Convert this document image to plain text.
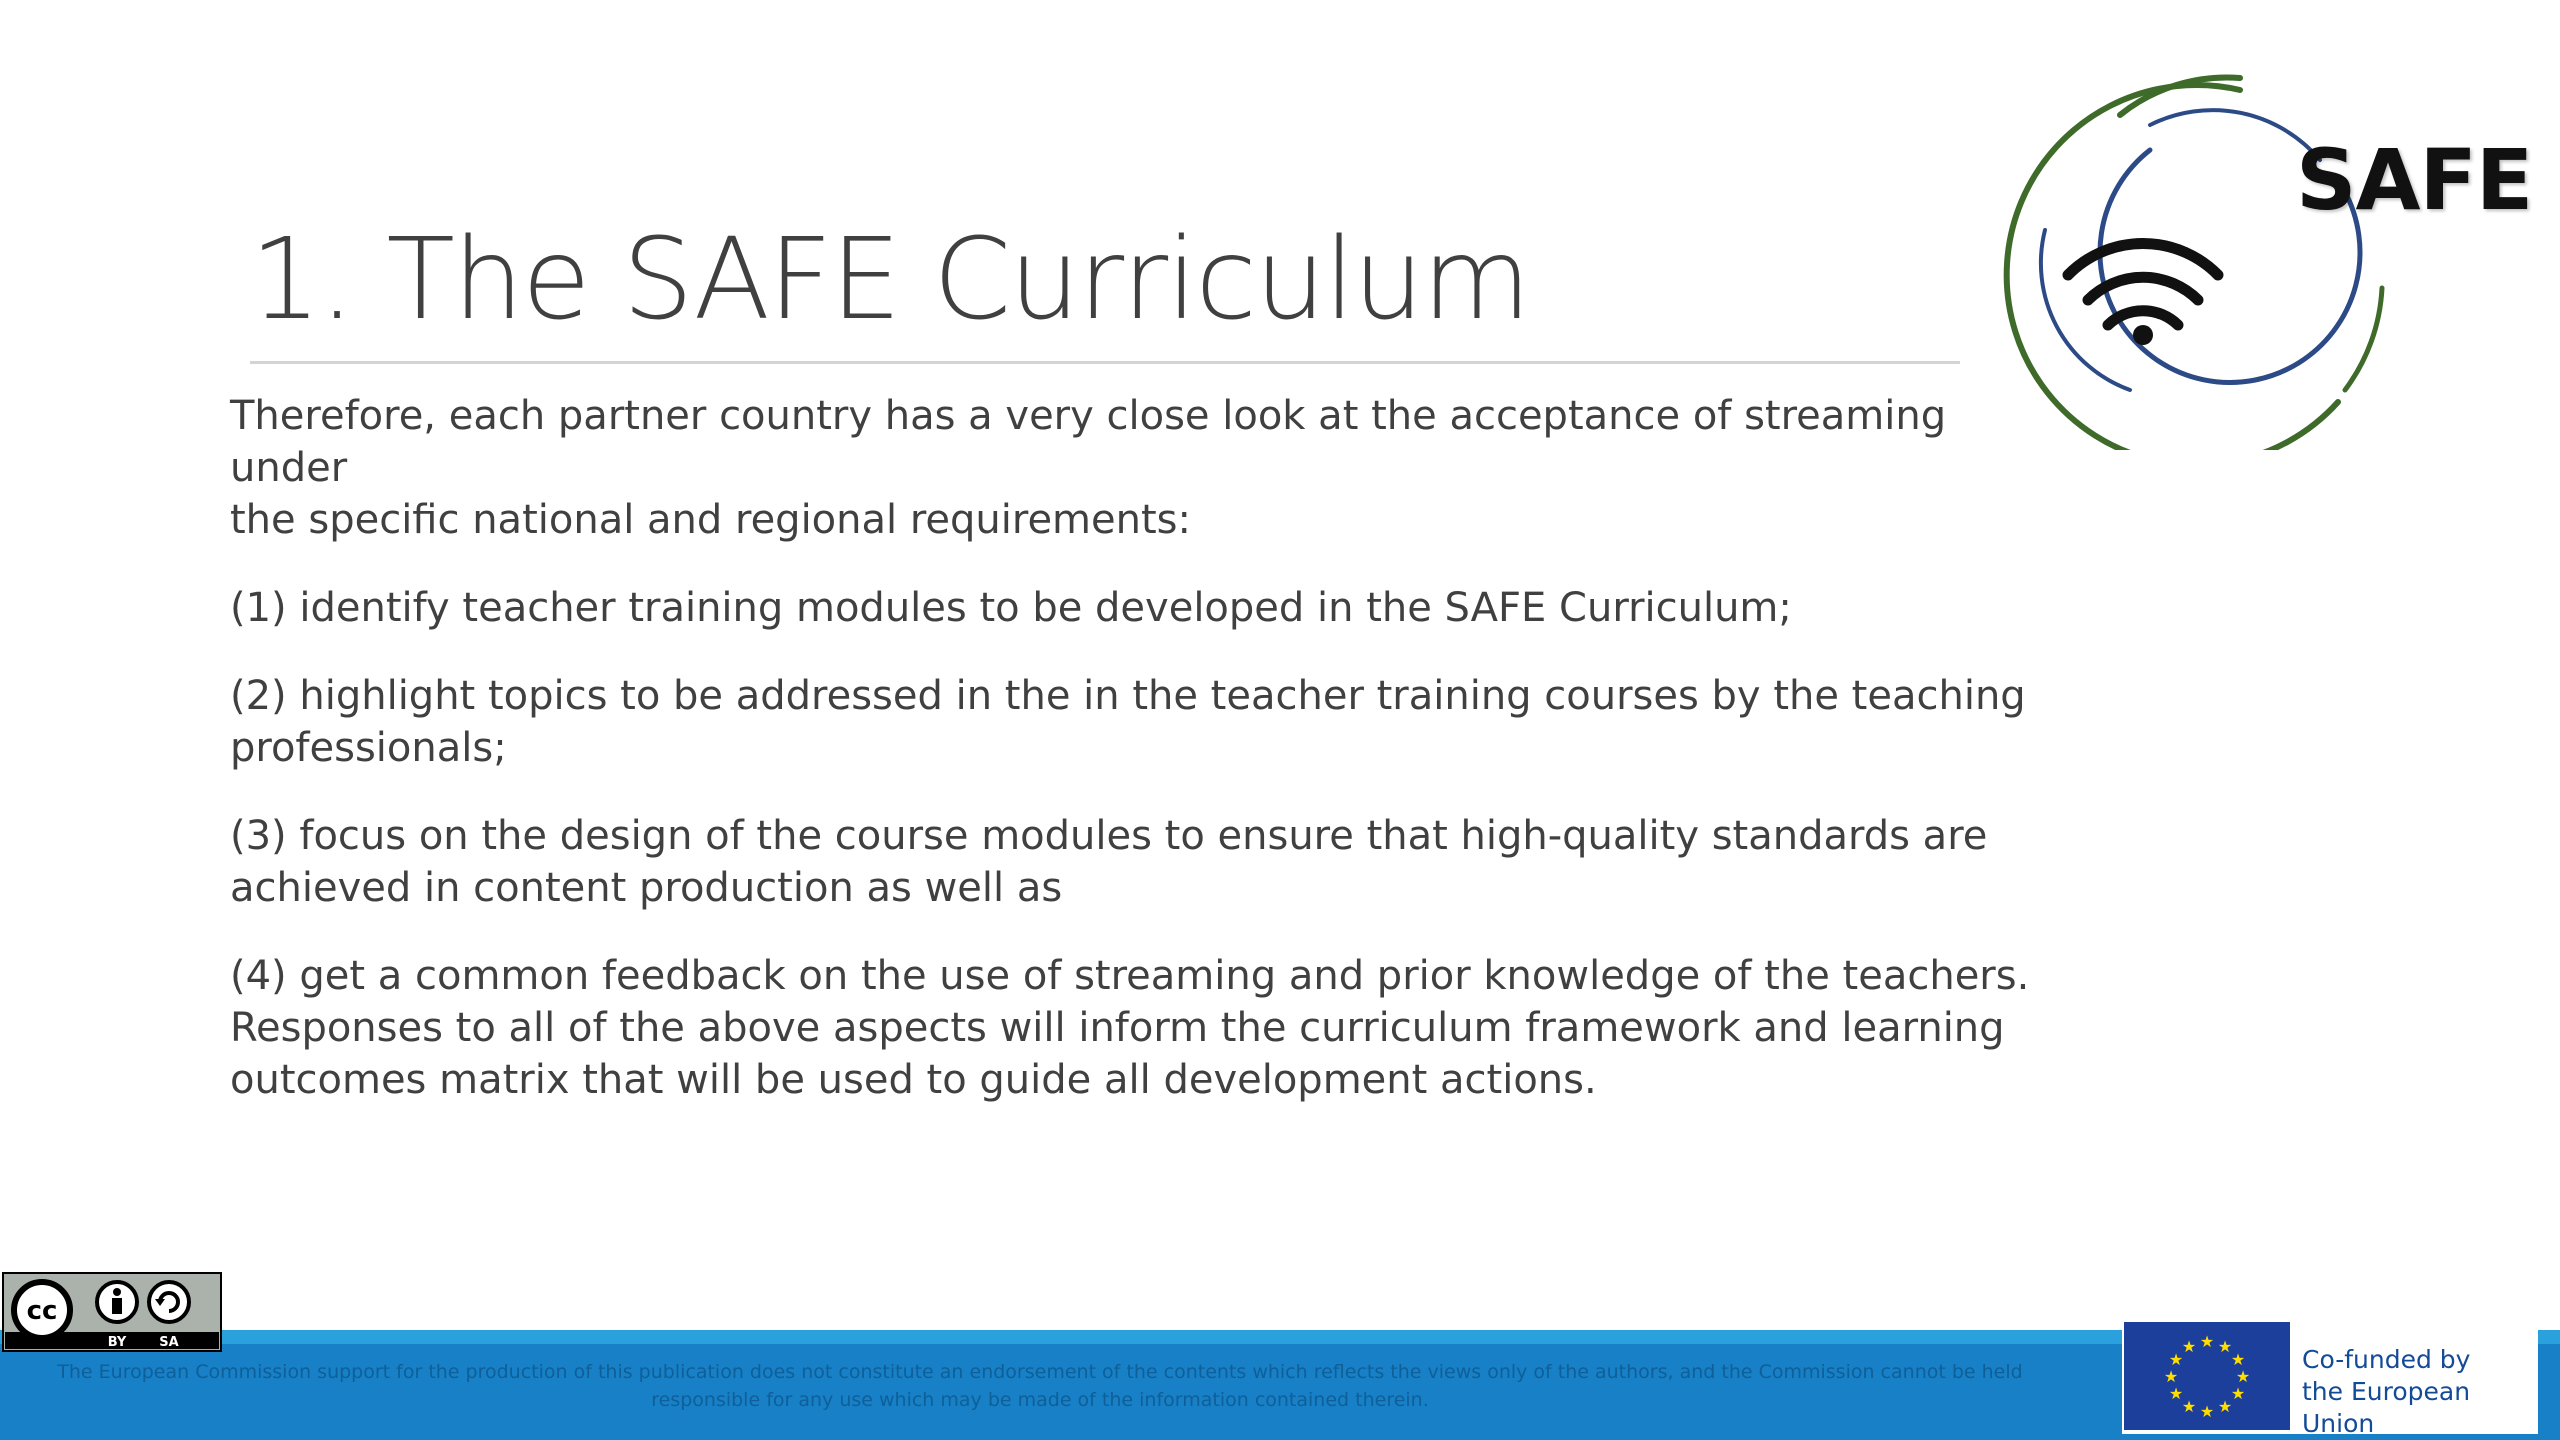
1. The SAFE Curriculum

Therefore, each partner country has a very close look at the acceptance of streaming under
the specific national and regional requirements:

(1) identify teacher training modules to be developed in the SAFE Curriculum;

(2) highlight topics to be addressed in the in the teacher training courses by the teaching
professionals;

(3) focus on the design of the course modules to ensure that high-quality standards are
achieved in content production as well as

(4) get a common feedback on the use of streaming and prior knowledge of the teachers.
Responses to all of the above aspects will inform the curriculum framework and learning
outcomes matrix that will be used to guide all development actions.

SAFE
The European Commission support for the production of this publication does not constitute an endorsement of the contents which reflects the views only of the authors, and the Commission cannot be held responsible for any use which may be made of the information contained therein.
cc
BY	SA	★ ★
★
★
★
★
★
★
★
★
★
★	Co-funded by
the European Union
